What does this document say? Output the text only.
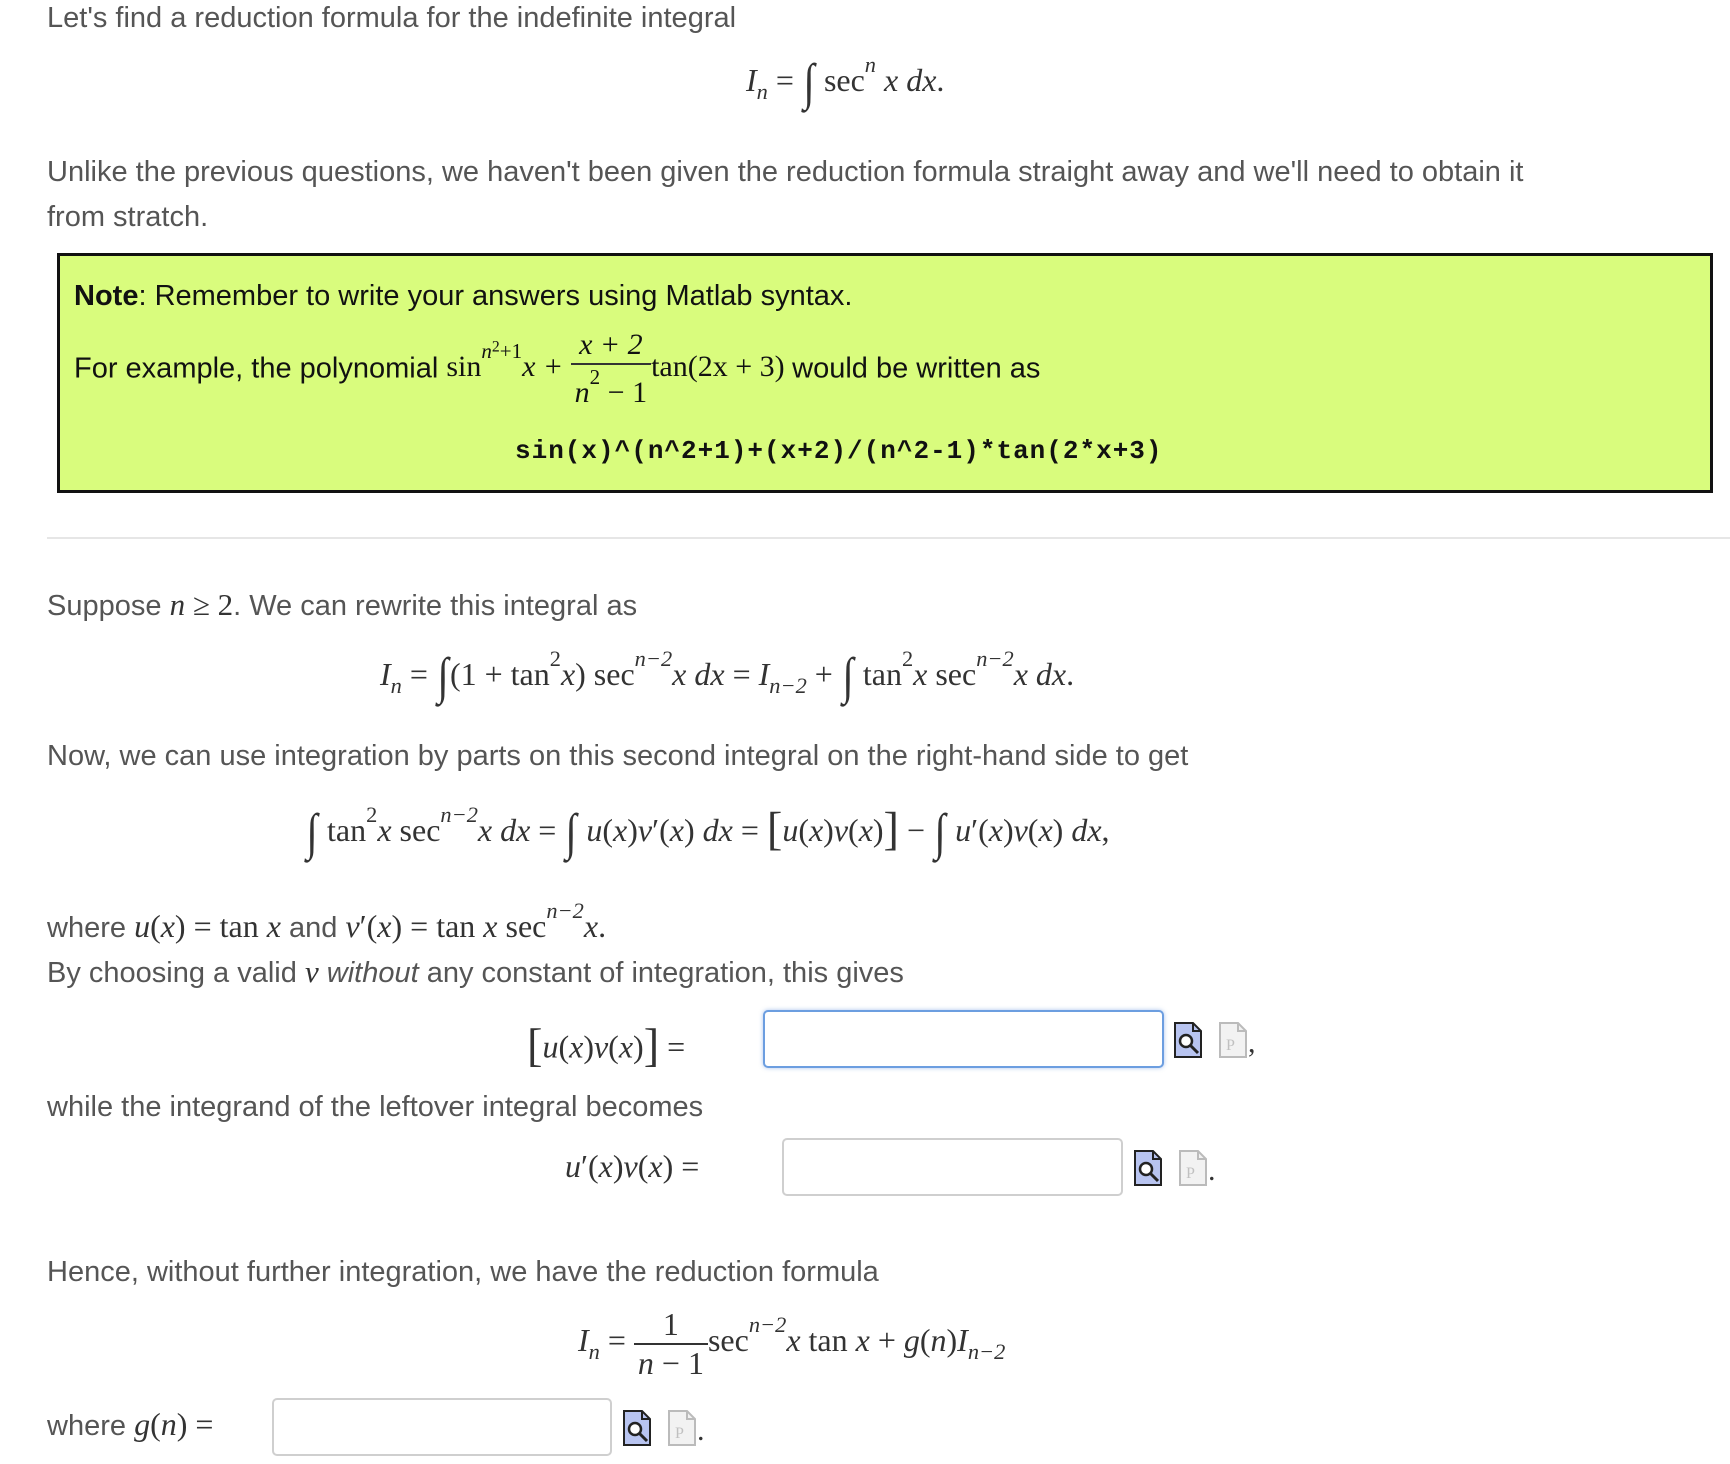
Let's find a reduction formula for the indefinite integral
$I_n$ = ∫ $\sec^n x$ dx.
Unlike the previous questions, we haven't been given the reduction formula straight away and we'll need to obtain it
from stratch.
Note: Remember to write your answers using Matlab syntax.
For example, the polynomial $\sin^{n^2+1}x + \frac{x + 2}{n^2 - 1} \tan(2x + 3)$ would be written as
sin(x)^(n^2+1)+(x+2)/(n^2-1)*tan(2*x+3)
Suppose n ≥ 2. We can rewrite this integral as
$I_n = \int(1 + \tan^2x)$ $\sec^{n-2}x$ dx = $I_{n-2}$ + ∫ $\tan^2x$ $\sec^{n-2}x$ dx.
Now, we can use integration by parts on this second integral on the right-hand side to get
∫ $\tan^2x$ $\sec^{n-2}x$ dx = ∫ u(x)v′(x) dx = [u(x)v(x)] − ∫ u′(x)v(x) dx,
where u(x) = tan x and v′(x) = tan x $\sec^{n-2}x$.
By choosing a valid v without any constant of integration, this gives
[u(x)v(x)] =	P ,
while the integrand of the leftover integral becomes
u′(x)v(x) =	P .
Hence, without further integration, we have the reduction formula
$I_n = \frac{1}{n - 1} \sec^{n-2}x$ $\tan x + g(n)I_{n-2}$
where g(n) =	P .
